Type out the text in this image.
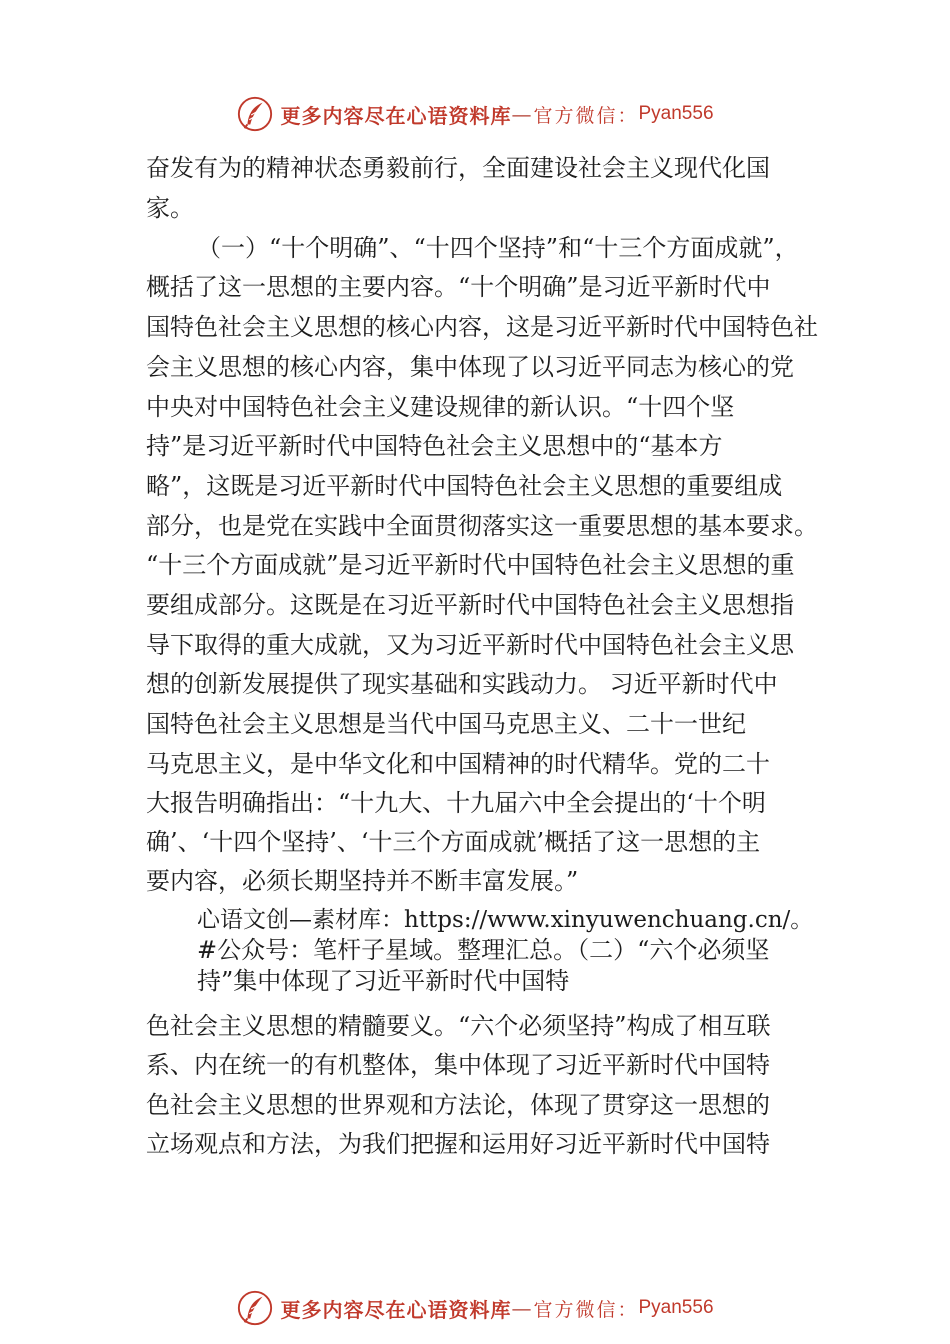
更多内容尽在心语资料库 — 官方微信： Pyan556
奋发有为的精神状态勇毅前行，全面建设社会主义现代化国
家。
（一）“十个明确”、“十四个坚持”和“十三个方面成就”，
概括了这一思想的主要内容。“十个明确”是习近平新时代中
国特色社会主义思想的核心内容，这是习近平新时代中国特色社
会主义思想的核心内容，集中体现了以习近平同志为核心的党
中央对中国特色社会主义建设规律的新认识。“十四个坚
持”是习近平新时代中国特色社会主义思想中的“基本方
略”，这既是习近平新时代中国特色社会主义思想的重要组成
部分，也是党在实践中全面贯彻落实这一重要思想的基本要求。
“十三个方面成就”是习近平新时代中国特色社会主义思想的重
要组成部分。这既是在习近平新时代中国特色社会主义思想指
导下取得的重大成就，又为习近平新时代中国特色社会主义思
想的创新发展提供了现实基础和实践动力。 习近平新时代中
国特色社会主义思想是当代中国马克思主义、二十一世纪
马克思主义，是中华文化和中国精神的时代精华。党的二十
大报告明确指出：“十九大、十九届六中全会提出的‘十个明
确’、‘十四个坚持’、‘十三个方面成就’概括了这一思想的主
要内容，必须长期坚持并不断丰富发展。”
心语文创—素材库：https://www.xinyuwenchuang.cn/。
#公众号：笔杆子星域。整理汇总。（二）“六个必须坚
持”集中体现了习近平新时代中国特
色社会主义思想的精髓要义。“六个必须坚持”构成了相互联
系、内在统一的有机整体，集中体现了习近平新时代中国特
色社会主义思想的世界观和方法论，体现了贯穿这一思想的
立场观点和方法，为我们把握和运用好习近平新时代中国特
更多内容尽在心语资料库 — 官方微信： Pyan556
